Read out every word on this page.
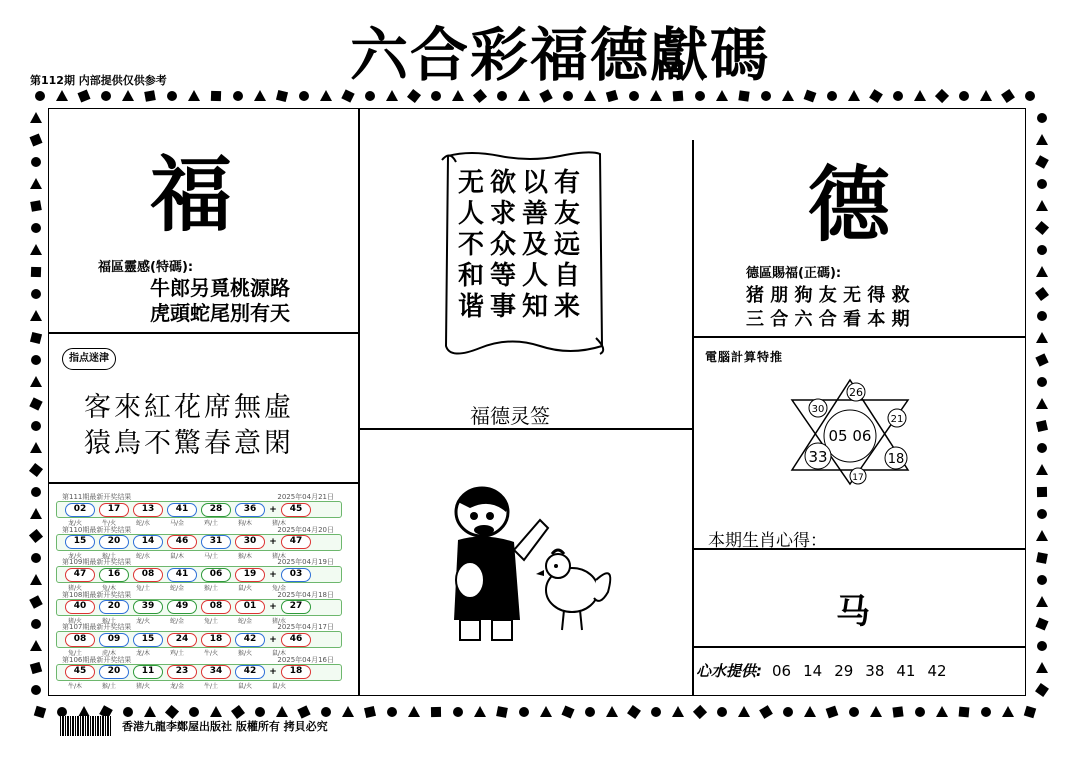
第112期 内部提供仅供参考	六合彩福德獻碼
福
福區靈感(特碼):
牛郎另覓桃源路
虎頭蛇尾別有天
无欲以有
人求善友
不众及远
和等人自
谐事知来
福德灵签
德
德區賜福(正碼):
猪 朋 狗 友 无 得 救
三 合 六 合 看 本 期
指点迷津
客來紅花席無虛
猿鳥不驚春意閑
第111期最新开奖结果	2025年04月21日
02	17	13	41	28	36	+	45
龙/火	牛/火	蛇/水	马/金	鸡/土	狗/木	猪/木
第110期最新开奖结果	2025年04月20日
15	20	14	46	31	30	+	47
龙/火	猴/土	蛇/水	鼠/木	马/土	猴/木	猪/木
第109期最新开奖结果	2025年04月19日
47	16	08	41	06	19	+	03
猪/火	兔/木	兔/土	蛇/金	猴/土	鼠/火	兔/金
第108期最新开奖结果	2025年04月18日
40	20	39	49	08	01	+	27
猪/火	猴/土	龙/火	蛇/金	兔/土	蛇/金	猪/水
第107期最新开奖结果	2025年04月17日
08	09	15	24	18	42	+	46
兔/土	虎/木	龙/木	鸡/土	牛/火	猴/火	鼠/木
第106期最新开奖结果	2025年04月16日
45	20	11	23	34	42	+	18
牛/木	猴/土	猪/火	龙/金	牛/土	鼠/火	鼠/火
電腦計算特推
26
30
21
05 06
33	18
17
本期生肖心得：
马
心水提供: 06 14 29 38 41 42
香港九龍李鄭屋出版社 版權所有 拷貝必究
